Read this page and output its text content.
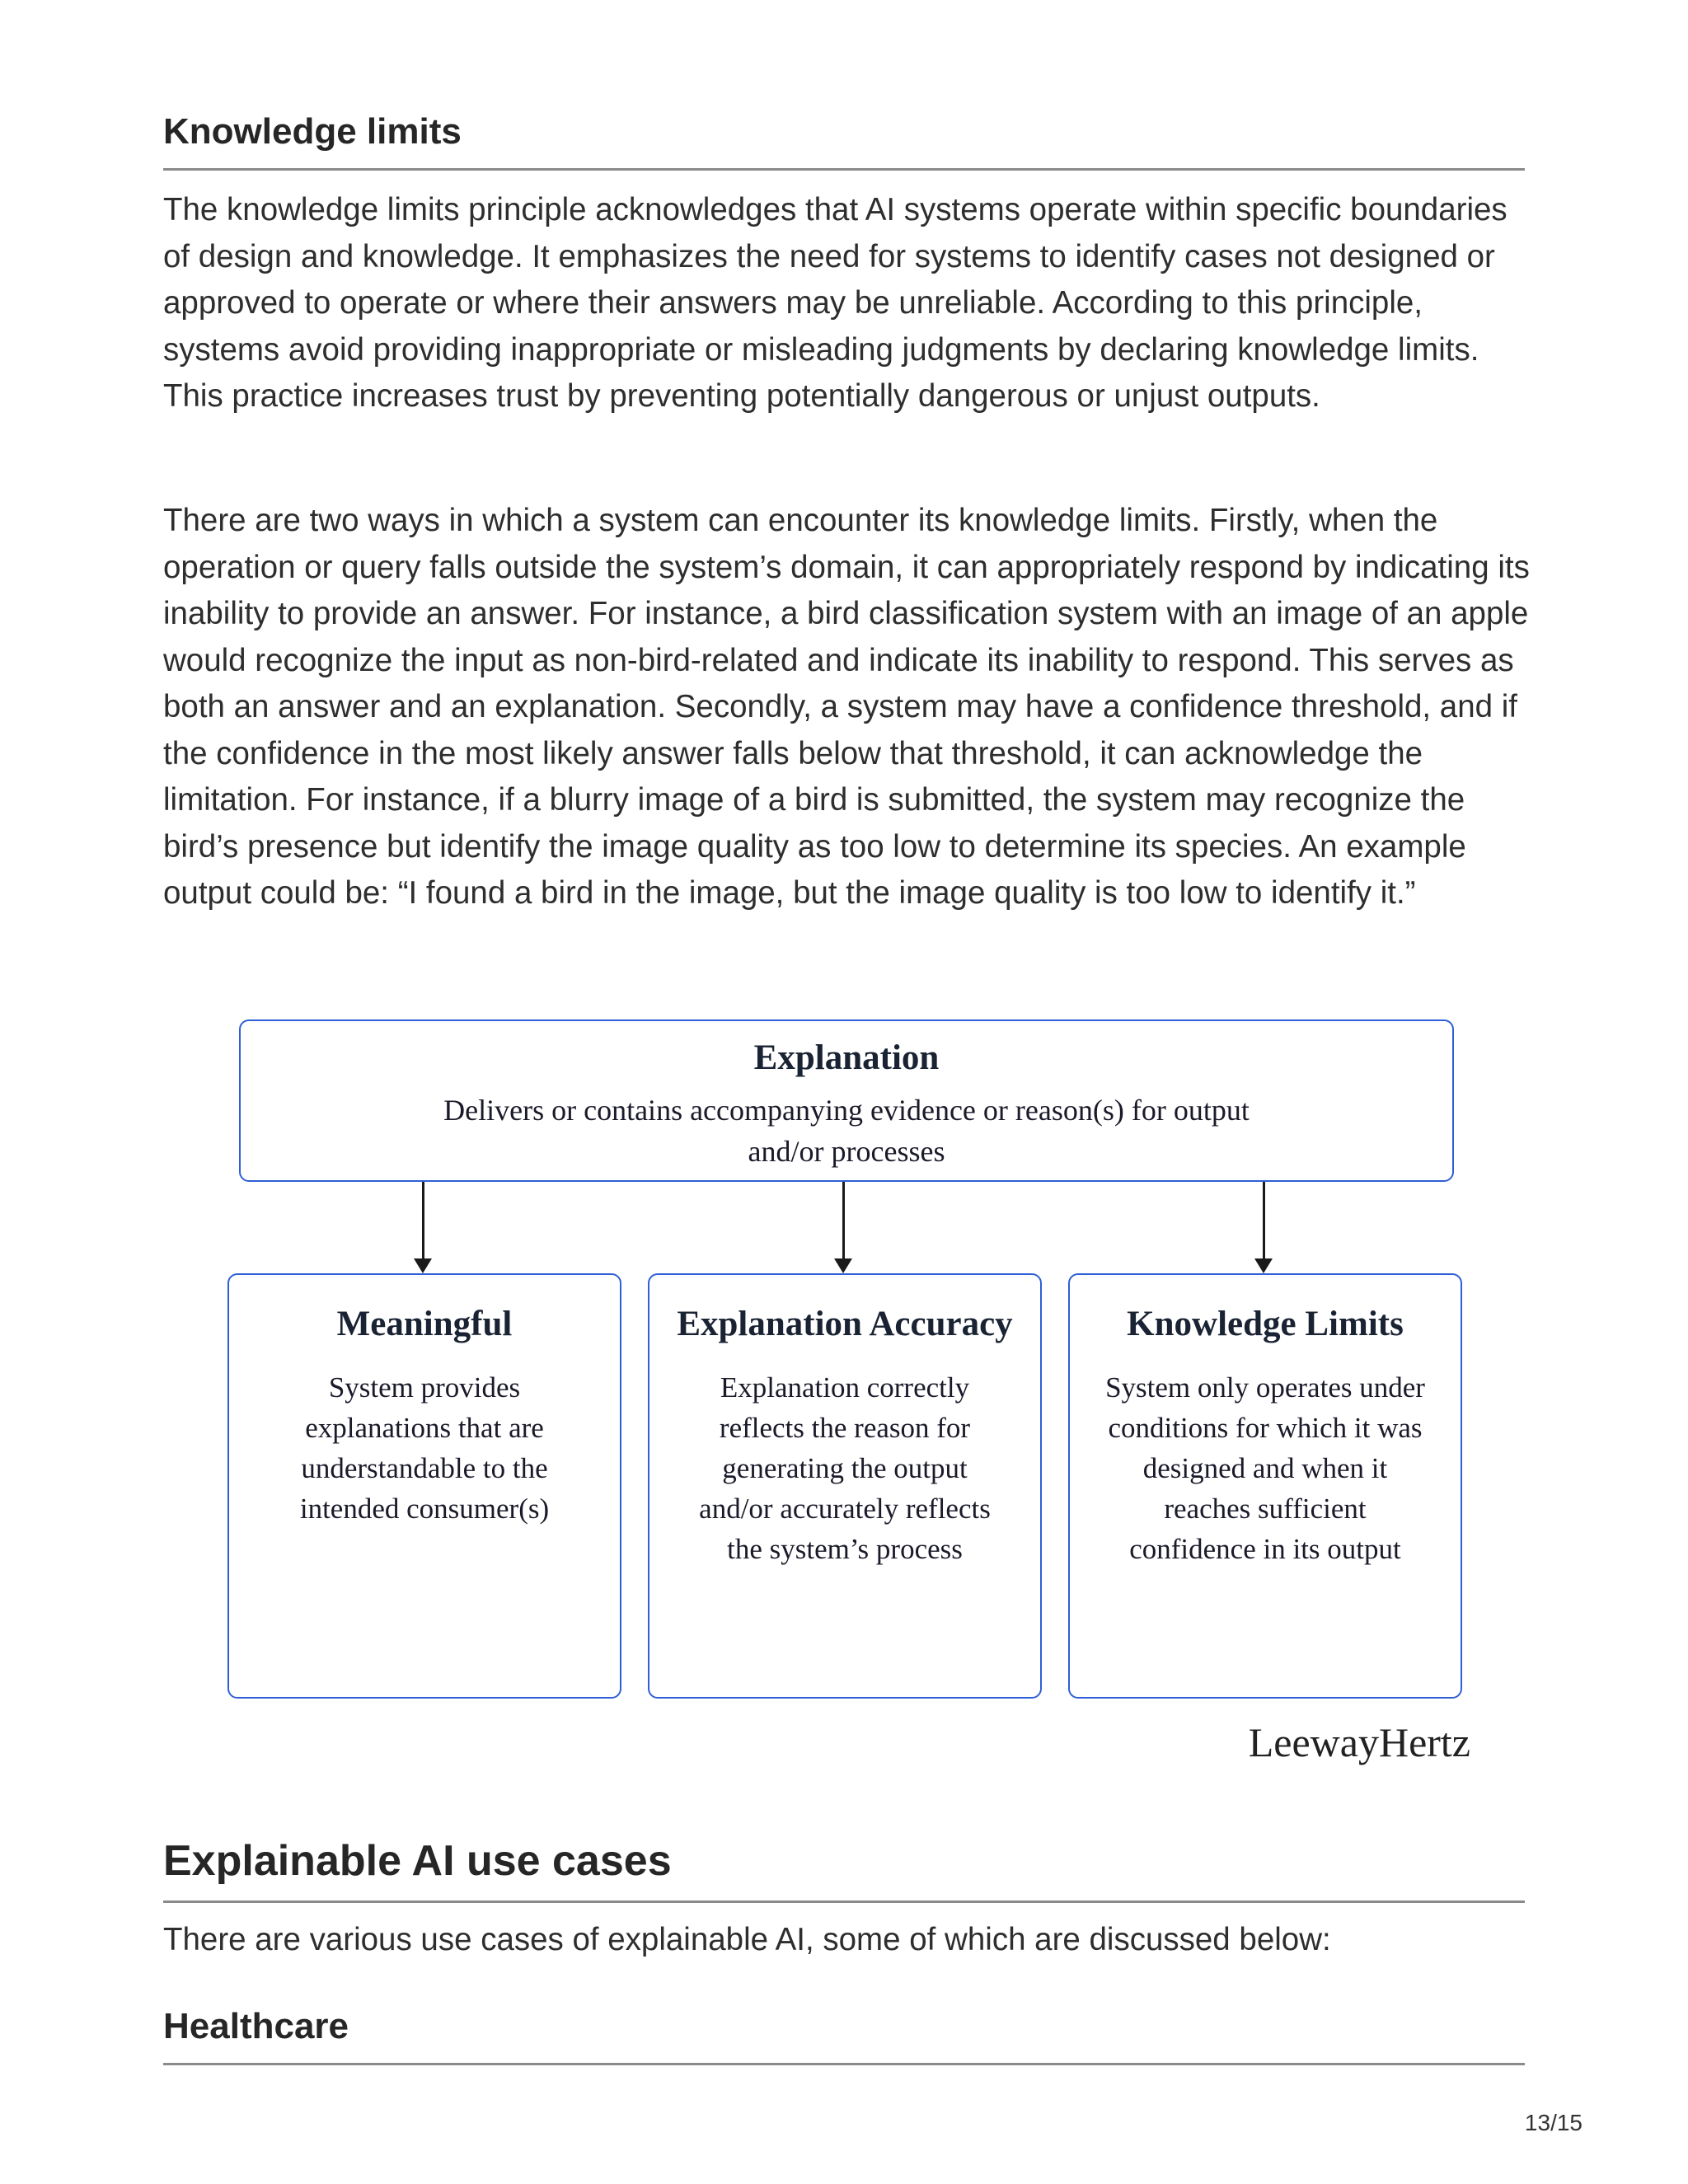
Knowledge limits

The knowledge limits principle acknowledges that AI systems operate within specific boundaries of design and knowledge. It emphasizes the need for systems to identify cases not designed or approved to operate or where their answers may be unreliable. According to this principle, systems avoid providing inappropriate or misleading judgments by declaring knowledge limits. This practice increases trust by preventing potentially dangerous or unjust outputs.

There are two ways in which a system can encounter its knowledge limits. Firstly, when the operation or query falls outside the system’s domain, it can appropriately respond by indicating its inability to provide an answer. For instance, a bird classification system with an image of an apple would recognize the input as non-bird-related and indicate its inability to respond. This serves as both an answer and an explanation. Secondly, a system may have a confidence threshold, and if the confidence in the most likely answer falls below that threshold, it can acknowledge the limitation. For instance, if a blurry image of a bird is submitted, the system may recognize the bird’s presence but identify the image quality as too low to determine its species. An example output could be: “I found a bird in the image, but the image quality is too low to identify it.”

Explanation
Delivers or contains accompanying evidence or reason(s) for output and/or processes
Meaningful
System provides explanations that are understandable to the intended consumer(s)
Explanation Accuracy
Explanation correctly reflects the reason for generating the output and/or accurately reflects the system’s process
Knowledge Limits
System only operates under conditions for which it was designed and when it reaches sufficient confidence in its output
LeewayHertz
Explainable AI use cases

There are various use cases of explainable AI, some of which are discussed below:

Healthcare
13/15
